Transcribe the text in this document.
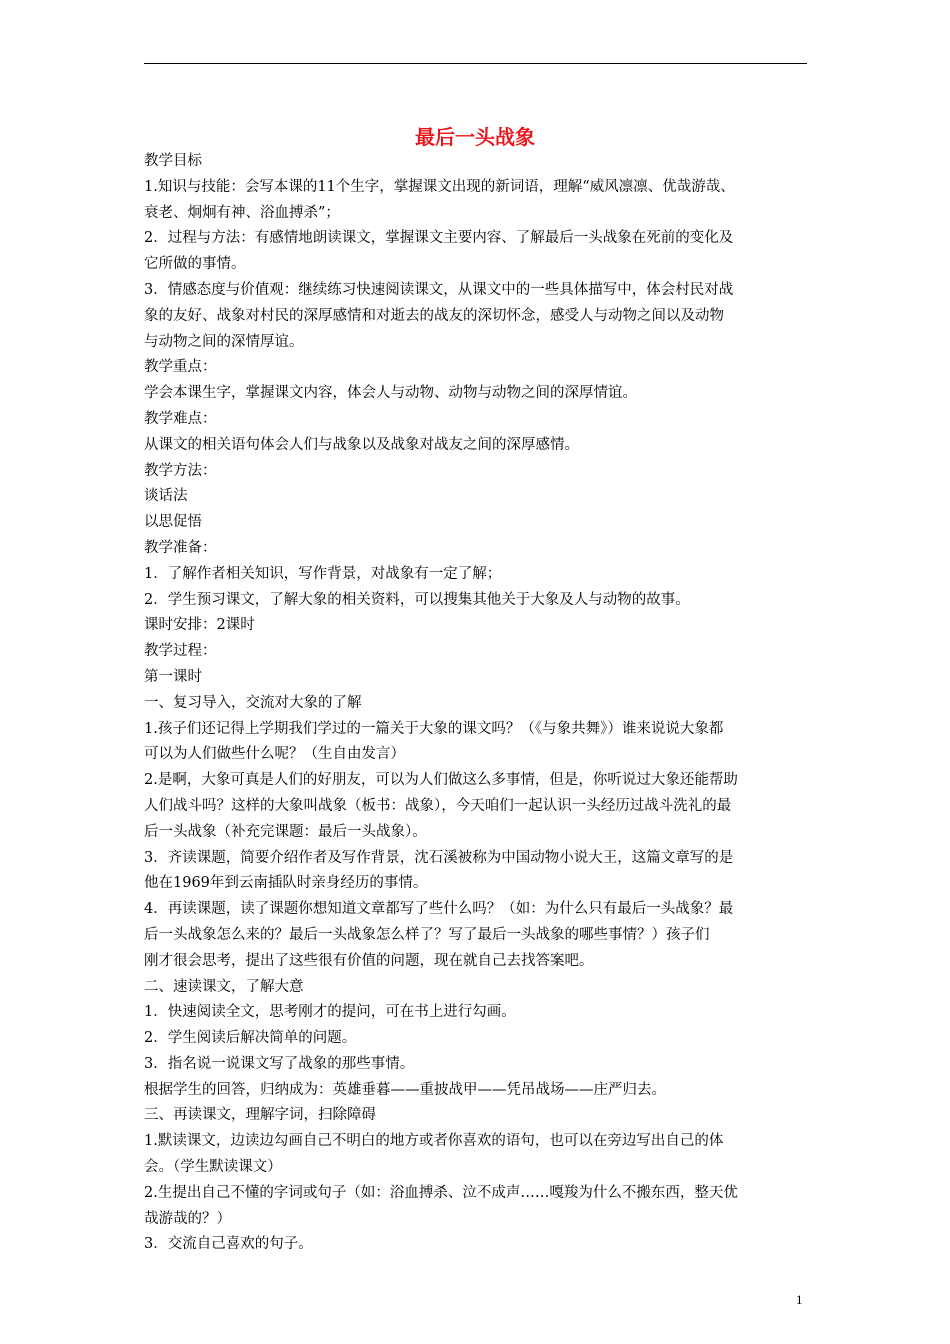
最后一头战象

教学目标

1.知识与技能：会写本课的11个生字，掌握课文出现的新词语，理解“威风凛凛、优哉游哉、

衰老、炯炯有神、浴血搏杀”；

2．过程与方法：有感情地朗读课文，掌握课文主要内容、了解最后一头战象在死前的变化及

它所做的事情。

3．情感态度与价值观：继续练习快速阅读课文，从课文中的一些具体描写中，体会村民对战

象的友好、战象对村民的深厚感情和对逝去的战友的深切怀念，感受人与动物之间以及动物

与动物之间的深情厚谊。

教学重点：

学会本课生字，掌握课文内容，体会人与动物、动物与动物之间的深厚情谊。

教学难点：

从课文的相关语句体会人们与战象以及战象对战友之间的深厚感情。

教学方法：

谈话法

以思促悟

教学准备：

1．了解作者相关知识，写作背景，对战象有一定了解；

2．学生预习课文，了解大象的相关资料，可以搜集其他关于大象及人与动物的故事。

课时安排：2课时

教学过程：

第一课时

一、复习导入，交流对大象的了解

1.孩子们还记得上学期我们学过的一篇关于大象的课文吗？（《与象共舞》）谁来说说大象都

可以为人们做些什么呢？（生自由发言）

2.是啊，大象可真是人们的好朋友，可以为人们做这么多事情，但是，你听说过大象还能帮助

人们战斗吗？这样的大象叫战象（板书：战象），今天咱们一起认识一头经历过战斗洗礼的最

后一头战象（补充完课题：最后一头战象）。

3．齐读课题，简要介绍作者及写作背景，沈石溪被称为中国动物小说大王，这篇文章写的是

他在1969年到云南插队时亲身经历的事情。

4．再读课题，读了课题你想知道文章都写了些什么吗？（如：为什么只有最后一头战象？最

后一头战象怎么来的？最后一头战象怎么样了？写了最后一头战象的哪些事情？）孩子们

刚才很会思考，提出了这些很有价值的问题，现在就自己去找答案吧。

二、速读课文，了解大意

1．快速阅读全文，思考刚才的提问，可在书上进行勾画。

2．学生阅读后解决简单的问题。

3．指名说一说课文写了战象的那些事情。

根据学生的回答，归纳成为：英雄垂暮——重披战甲——凭吊战场——庄严归去。

三、再读课文，理解字词，扫除障碍

1.默读课文，边读边勾画自己不明白的地方或者你喜欢的语句，也可以在旁边写出自己的体

会。（学生默读课文）

2.生提出自己不懂的字词或句子（如：浴血搏杀、泣不成声……嘎羧为什么不搬东西，整天优

哉游哉的？）

3．交流自己喜欢的句子。

1
